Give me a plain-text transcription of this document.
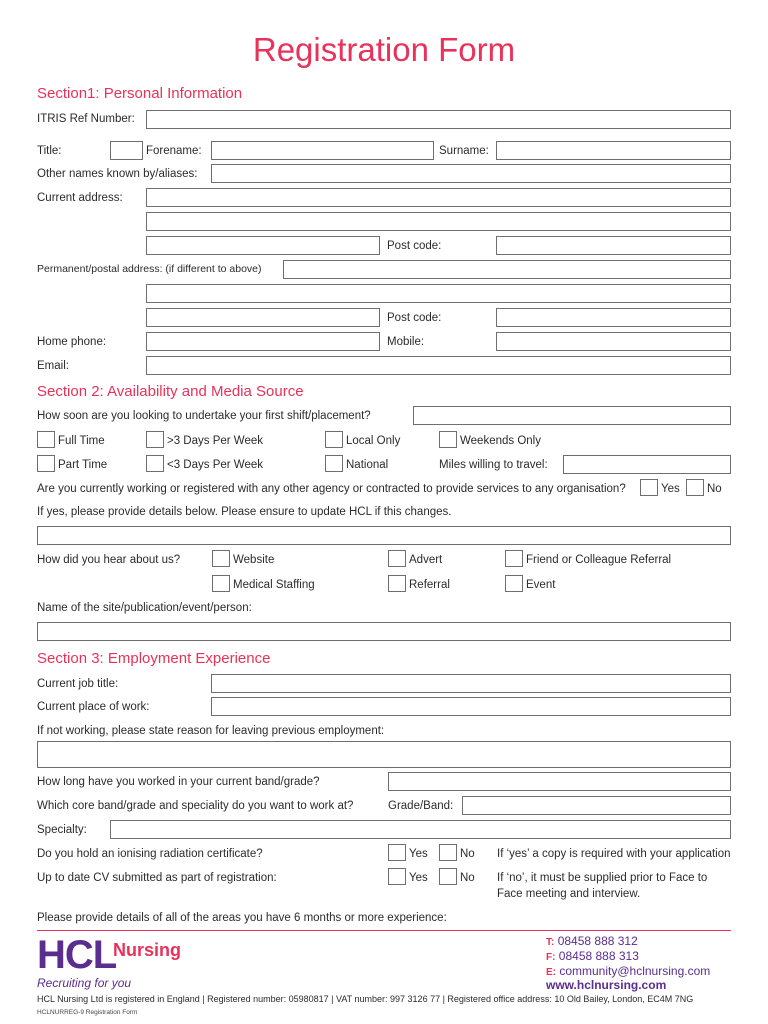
Registration Form
Section1: Personal Information
ITRIS Ref Number:
Title:	Forename:	Surname:
Other names known by/aliases:
Current address:
Post code:
Permanent/postal address: (if different to above)
Post code:
Home phone:	Mobile:
Email:
Section 2: Availability and Media Source
How soon are you looking to undertake your first shift/placement?
Full Time	>3 Days Per Week	Local Only	Weekends Only
Part Time	<3 Days Per Week	National	Miles willing to travel:
Are you currently working or registered with any other agency or contracted to provide services to any organisation?	Yes No
If yes, please provide details below. Please ensure to update HCL if this changes.
How did you hear about us?	Website	Advert	Friend or Colleague Referral
Medical Staffing	Referral	Event
Name of the site/publication/event/person:
Section 3: Employment Experience
Current job title:
Current place of work:
If not working, please state reason for leaving previous employment:
How long have you worked in your current band/grade?
Which core band/grade and speciality do you want to work at?	Grade/Band:
Specialty:
Do you hold an ionising radiation certificate?	Yes	No If ‘yes’ a copy is required with your application
Up to date CV submitted as part of registration:	Yes	No If ‘no’, it must be supplied prior to Face to
Face meeting and interview.
Please provide details of all of the areas you have 6 months or more experience:
HCL
Nursing
Recruiting for you
T: 08458 888 312
F: 08458 888 313
E: community@hclnursing.com
www.hclnursing.com
HCL Nursing Ltd is registered in England | Registered number: 05980817 | VAT number: 997 3126 77 | Registered office address: 10 Old Bailey, London, EC4M 7NG
HCLNURREG-9 Registration Form
